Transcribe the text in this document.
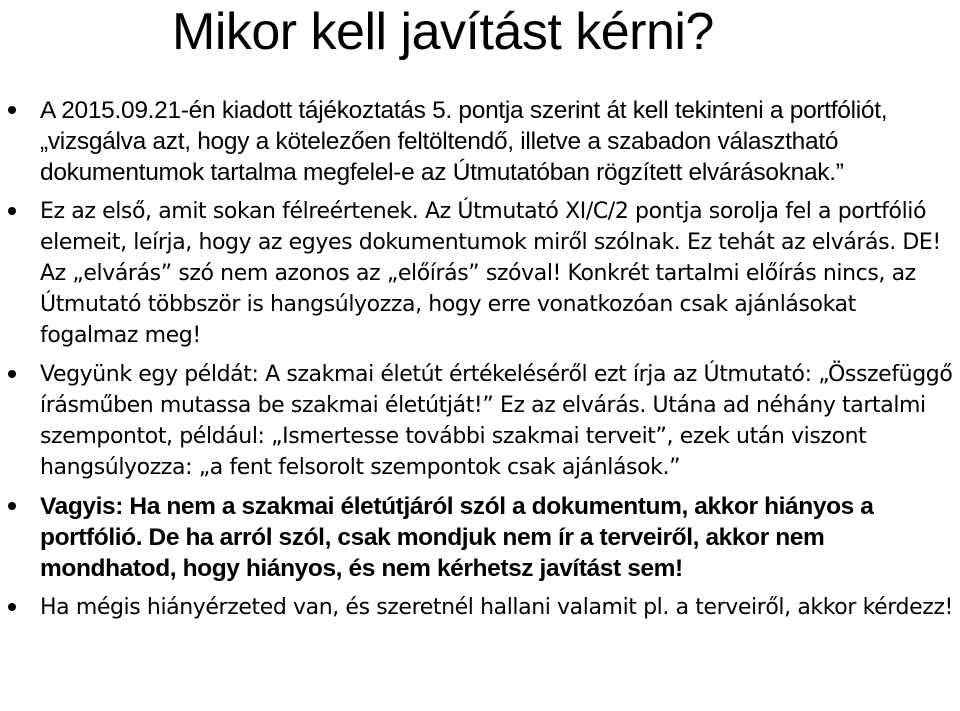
Mikor kell javítást kérni?
A 2015.09.21-én kiadott tájékoztatás 5. pontja szerint át kell tekinteni a portfóliót, „vizsgálva azt, hogy a kötelezően feltöltendő, illetve a szabadon választható dokumentumok tartalma megfelel-e az Útmutatóban rögzített elvárásoknak.”
Ez az első, amit sokan félreértenek. Az Útmutató XI/C/2 pontja sorolja fel a portfólió elemeit, leírja, hogy az egyes dokumentumok miről szólnak. Ez tehát az elvárás. DE! Az „elvárás” szó nem azonos az „előírás” szóval! Konkrét tartalmi előírás nincs, az Útmutató többször is hangsúlyozza, hogy erre vonatkozóan csak ajánlásokat fogalmaz meg!
Vegyünk egy példát: A szakmai életút értékeléséről ezt írja az Útmutató: „Összefüggő írásműben mutassa be szakmai életútját!” Ez az elvárás. Utána ad néhány tartalmi szempontot, például: „Ismertesse további szakmai terveit”, ezek után viszont hangsúlyozza: „a fent felsorolt szempontok csak ajánlások.”
Vagyis: Ha nem a szakmai életútjáról szól a dokumentum, akkor hiányos a portfólió. De ha arról szól, csak mondjuk nem ír a terveiről, akkor nem mondhatod, hogy hiányos, és nem kérhetsz javítást sem!
Ha mégis hiányérzeted van, és szeretnél hallani valamit pl. a terveiről, akkor kérdezz!
